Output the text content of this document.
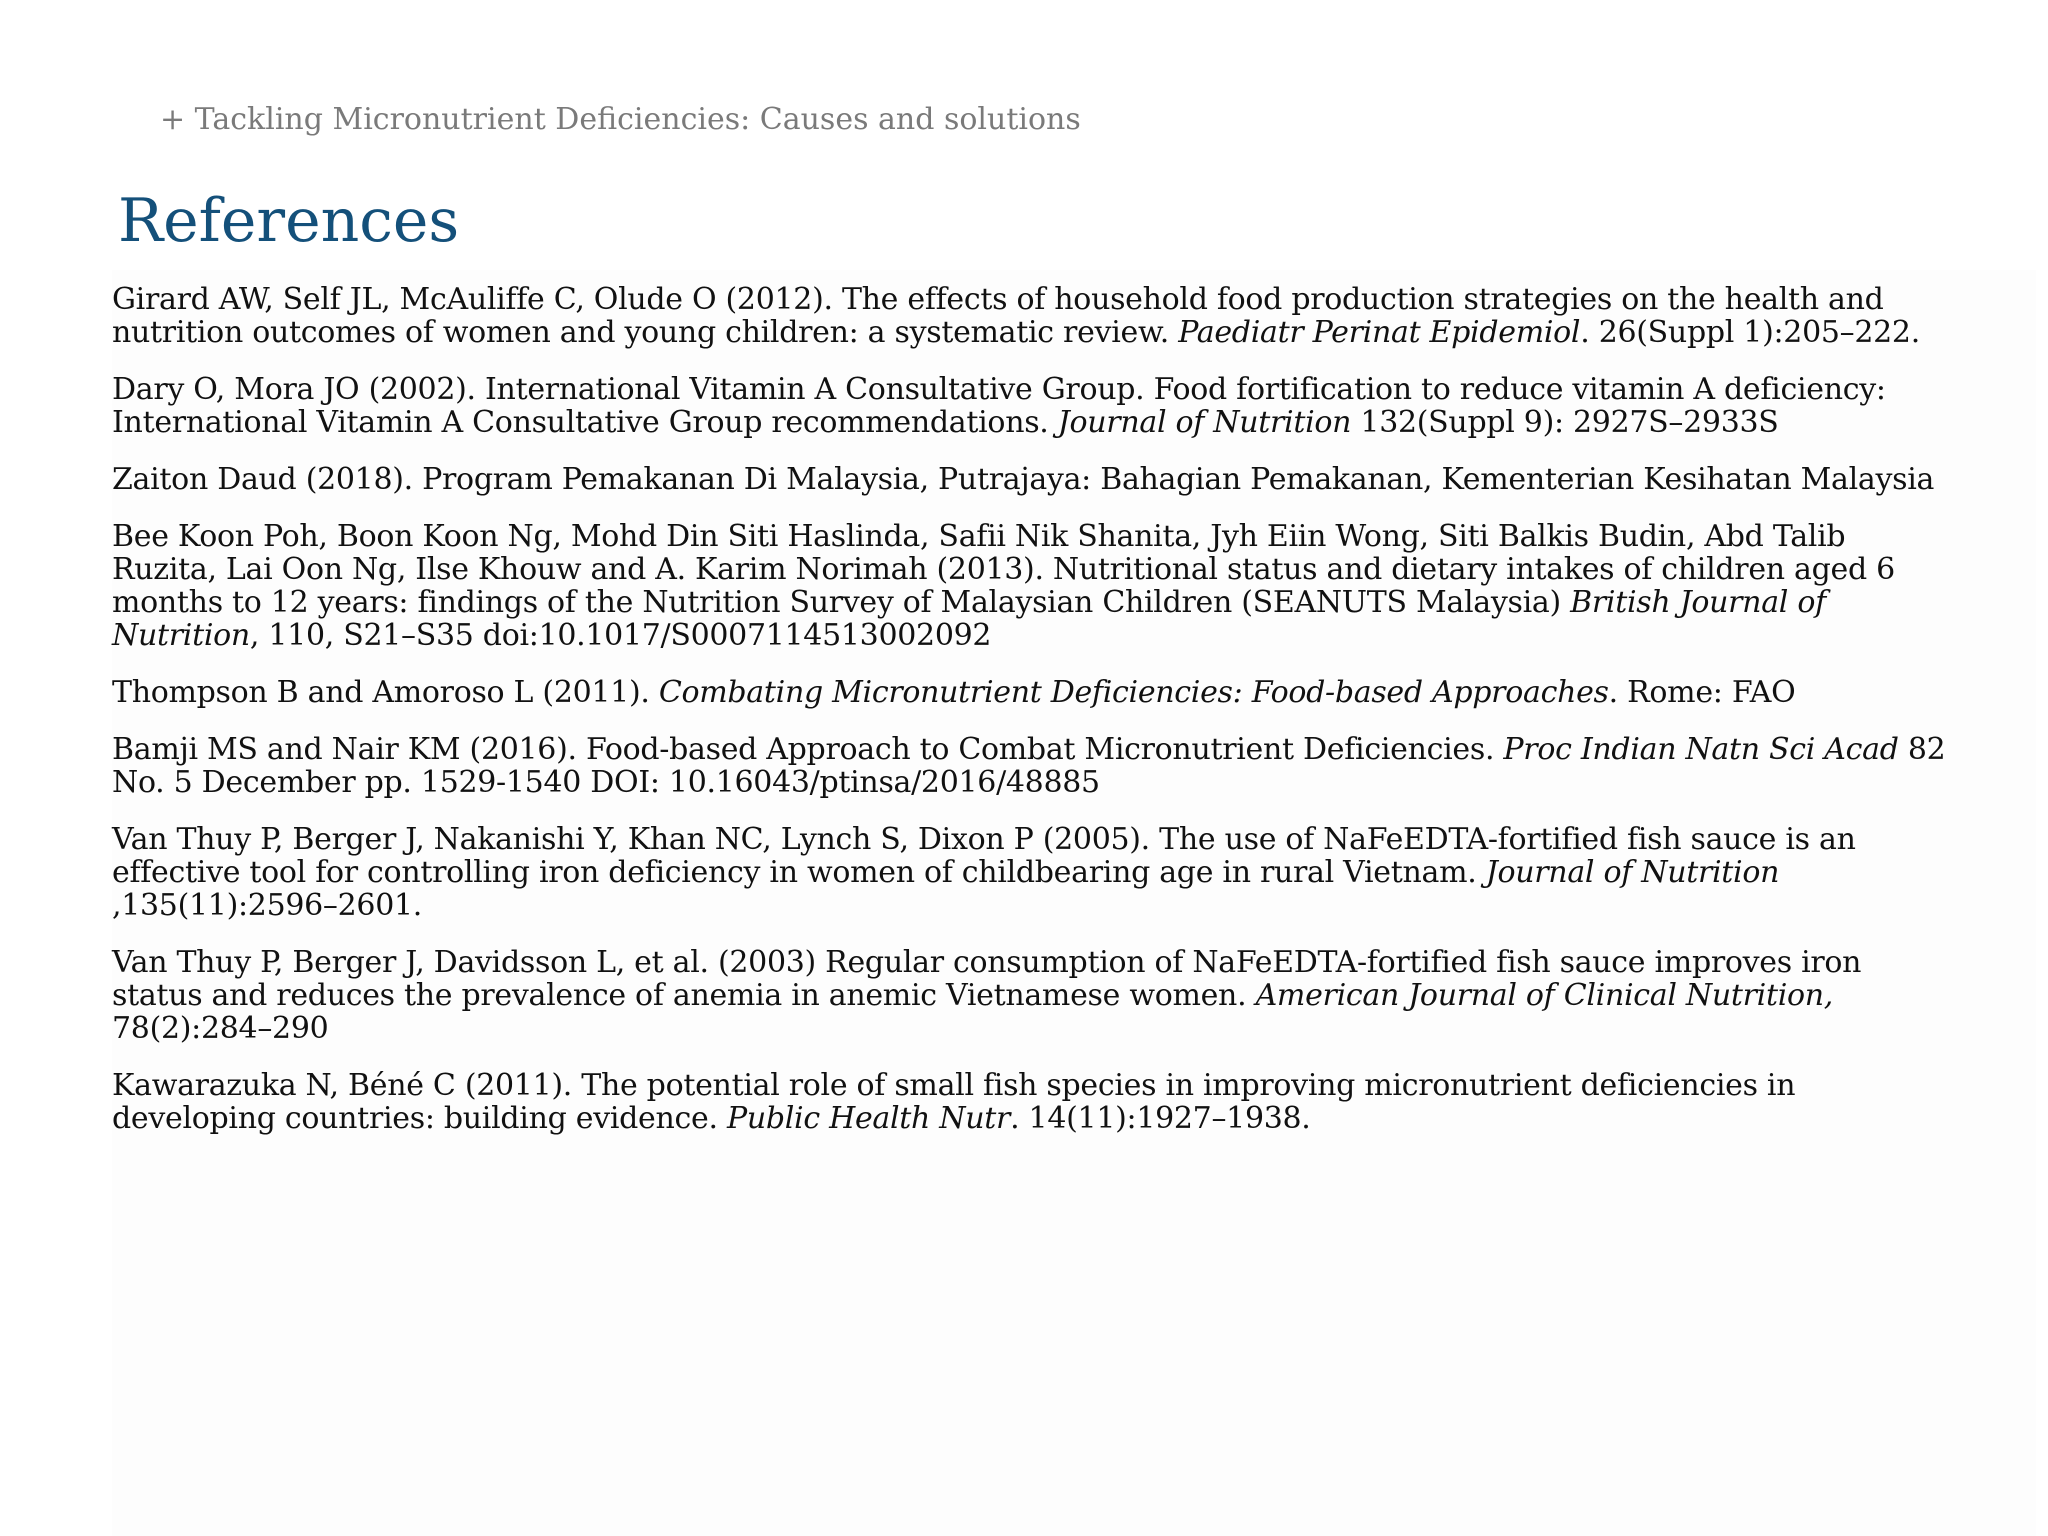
+ Tackling Micronutrient Deficiencies: Causes and solutions
References
Girard AW, Self JL, McAuliffe C, Olude O (2012). The effects of household food production strategies on the health and nutrition outcomes of women and young children: a systematic review. Paediatr Perinat Epidemiol. 26(Suppl 1):205–222.
Dary O, Mora JO (2002). International Vitamin A Consultative Group. Food fortification to reduce vitamin A deficiency: International Vitamin A Consultative Group recommendations. Journal of Nutrition 132(Suppl 9): 2927S–2933S
Zaiton Daud (2018). Program Pemakanan Di Malaysia, Putrajaya: Bahagian Pemakanan, Kementerian Kesihatan Malaysia
Bee Koon Poh, Boon Koon Ng, Mohd Din Siti Haslinda, Safii Nik Shanita, Jyh Eiin Wong, Siti Balkis Budin, Abd Talib Ruzita, Lai Oon Ng, Ilse Khouw and A. Karim Norimah (2013). Nutritional status and dietary intakes of children aged 6 months to 12 years: findings of the Nutrition Survey of Malaysian Children (SEANUTS Malaysia) British Journal of Nutrition, 110, S21–S35 doi:10.1017/S0007114513002092
Thompson B and Amoroso L (2011). Combating Micronutrient Deficiencies: Food-based Approaches. Rome: FAO
Bamji MS and Nair KM (2016). Food-based Approach to Combat Micronutrient Deficiencies. Proc Indian Natn Sci Acad 82 No. 5 December pp. 1529-1540 DOI: 10.16043/ptinsa/2016/48885
Van Thuy P, Berger J, Nakanishi Y, Khan NC, Lynch S, Dixon P (2005). The use of NaFeEDTA-fortified fish sauce is an effective tool for controlling iron deficiency in women of childbearing age in rural Vietnam. Journal of Nutrition ,135(11):2596–2601.
Van Thuy P, Berger J, Davidsson L, et al. (2003) Regular consumption of NaFeEDTA-fortified fish sauce improves iron status and reduces the prevalence of anemia in anemic Vietnamese women. American Journal of Clinical Nutrition, 78(2):284–290
Kawarazuka N, Béné C (2011). The potential role of small fish species in improving micronutrient deficiencies in developing countries: building evidence. Public Health Nutr. 14(11):1927–1938.
